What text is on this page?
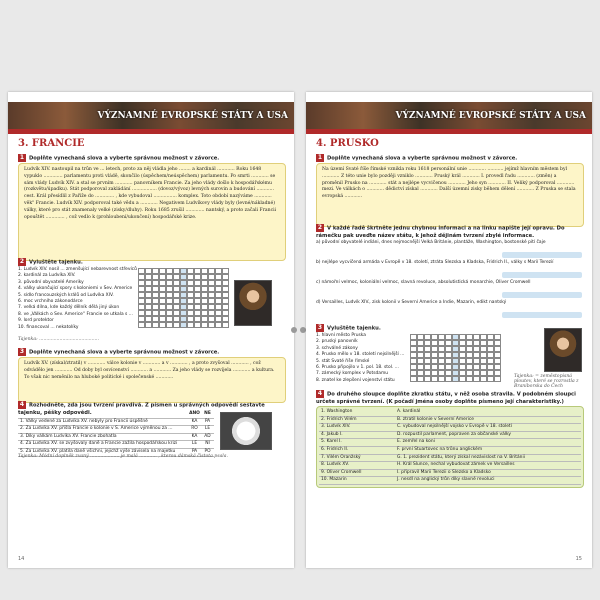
VÝZNAMNÉ EVROPSKÉ STÁTY A USA
3. FRANCIE
1 Doplňte vynechaná slova a vyberte správnou možnost v závorce.
Ludvík XIV. nastoupil na trůn ve ... letech, proto za něj vládla jeho ........ a kardinál ............ Roku 1648 vypuklo ............. parlamentu proti vládě, skončilo (úspěchem/neúspěchem) parlamentu. Po smrti ............ se sám vlády Ludvík XIV. a stal se prvním ............ panovníkem Francie. Za jeho vlády došlo k hospodářskému (rozkvětu/úpadku). Stát podporoval zakládání ................. (dovoz/vývoz) levných surovin a budování ............ cest. Král přesídlil z Paříže do ............. , kde vybudoval ................ komplex. Toto období nazýváme ............ věk" Francie. Ludvík XIV. podporoval také vědu a ............ Negativem Ludvíkovy vlády byly (levné/nákladné) války, které pro stát znamenaly velké (zisky/dluhy). Roku 1685 zrušil ............. nantský, a proto začali Francii opouštět ............. , což vedlo k (prohloubení/ukončení) hospodářské krize.
2 Vyluštěte tajenku.
1. Ludvík XIV. nosil ... zmenšující nebarevnost střevíců
2. kardinál za Ludvíka XIV.
3. původní obyvatelé Ameriky
4. války ukončující spory s koloniemi v Sev. Americe
5. sídlo francouzských králů od Ludvíka XIV.
6. moc vrchního zákonodárce
7. velká dílna, kde každý dělník dělá jiný úkon
8. ve „Válkách o Sev. Americe“ Francie se utkala s ...
9. lord protektor
10. financoval ... nekatolíky
Tajenka: .........................................
3 Doplňte vynechaná slova a vyberte správnou možnost v závorce.
Ludvík XV. (získal/ztratil) v ............ válce kolonie v ............ a v ............ , a proto zvyšoval ............ , což odvádělo jen ............ Od doby byl osvícenství ............ a ............ Za jeho vlády se rozvíjela ............ a kultura. To však nic neměnilo na hluboké politické i společenské ............
4 Rozhodněte, zda jsou tvrzení pravdivá. Z písmen u správných odpovědí sestavte tajenku, pěšky odpovědi.	ANO NE
1. Války vedené za Ludvíka XV. nebyly pro Francii úspěšné	KA	PA
2. Za Ludvíka XV. přišla Francie o kolonie v S. Americe výměnou za ...	RO	LE
3. Díky válkám Ludvíka XV. Francie zbohatla	KA	AD
4. Za Ludvíka XV. se zvyšovaly daně a Francie zažila hospodářskou krizi	LE	NI
5. Za Ludvíka XV. platila daně všichni, jejichž výše závisela na majetku	PA	PO
Tajenka: Módní doplněk zvaný .................... je malá ............ , kterou dámská čistota psala.
14
VÝZNAMNÉ EVROPSKÉ STÁTY A USA
4. PRUSKO
1 Doplňte vynechaná slova a vyberte správnou možnost v závorce.
Na území Svaté říše římské vznikla roku 1618 personální unie ............ ........... jejímž hlavním městem byl ............ Z této unie bylo později vzniklo ............ Pruský král ............ I. provedl řadu ............ (změn) a proměnil Prusko na ............ stát a nejlépe vycvičenou ............ Jeho syn ............ II. Veliký podporoval ............ mezi. Ve válkách o ............ dědictví získal ............ Další územní zisky během dělení ............ Z Pruska se stala evropská ............
2 V každé řadě škrtněte jednu chybnou informaci a na linku napište její opravu. Do rámečku pak uveďte název státu, k jehož dějinám tvrzení zbylé informace.
a) původní obyvatelé indiáni, dnes nejmocnější Velká Británie, plantáže, Washington, bostonské pití čaje
b) nejlépe vycvičená armáda v Evropě v 18. století, ztráta Slezska a Kladska, Fridrich II., války s Marií Terezií
c) námořní velmoc, koloniální velmoc, slavná revoluce, absolutistická monarchie, Oliver Cromwell
d) Versailles, Ludvík XIV., zisk kolonií v Severní Americe a Indie, Mazarin, edikt nantský
3 Vyluštěte tajenku.
1. hlavní město Pruska
2. pruský panovník
3. schválné zákony
4. Prusko mělo v 18. století nejsilnější ...
5. stát Svaté říše římské
6. Prusko připojilo v 1. pol. 18. stol. ...
7. zámecký komplex v Potsdamu
8. znatel ke zlepšení vojenství státu
Tajenka: = zeměstopisná ploutev, které se rozrostla z Braniborska do Čech
4 Do druhého sloupce doplňte zkratku státu, v něž osoba stravila. V podobném sloupci určete správné tvrzení. (K počadí jména osoby doplňte písmeno její charakteristiky.)
1. Washington	A. kardinál
2. Fridrich Vilém	B. ztratil kolonie v Severní Americe
3. Ludvík XIV.	C. vybudoval nejsilnější vojsko v Evropě v 18. století
4. Jakub I.	D. rozpustil parlament, popraven za občanské války
5. Karel I.	E. zemřel na koni
6. Fridrich II.	F. první Stuartovec na trůnu anglickém
7. Vilém Oranžský	G. 1. prezident státu, který získal nezávislost na V. Británii
8. Ludvík XV.	H. Král Slunce, nechal vybudovat zámek ve Versailles
9. Oliver Cromwell	I. připravil Marii Terezii o Slezsko a Kladsko
10. Mazarin	J. nesdl na anglický trůn díky slavné revoluci
15
